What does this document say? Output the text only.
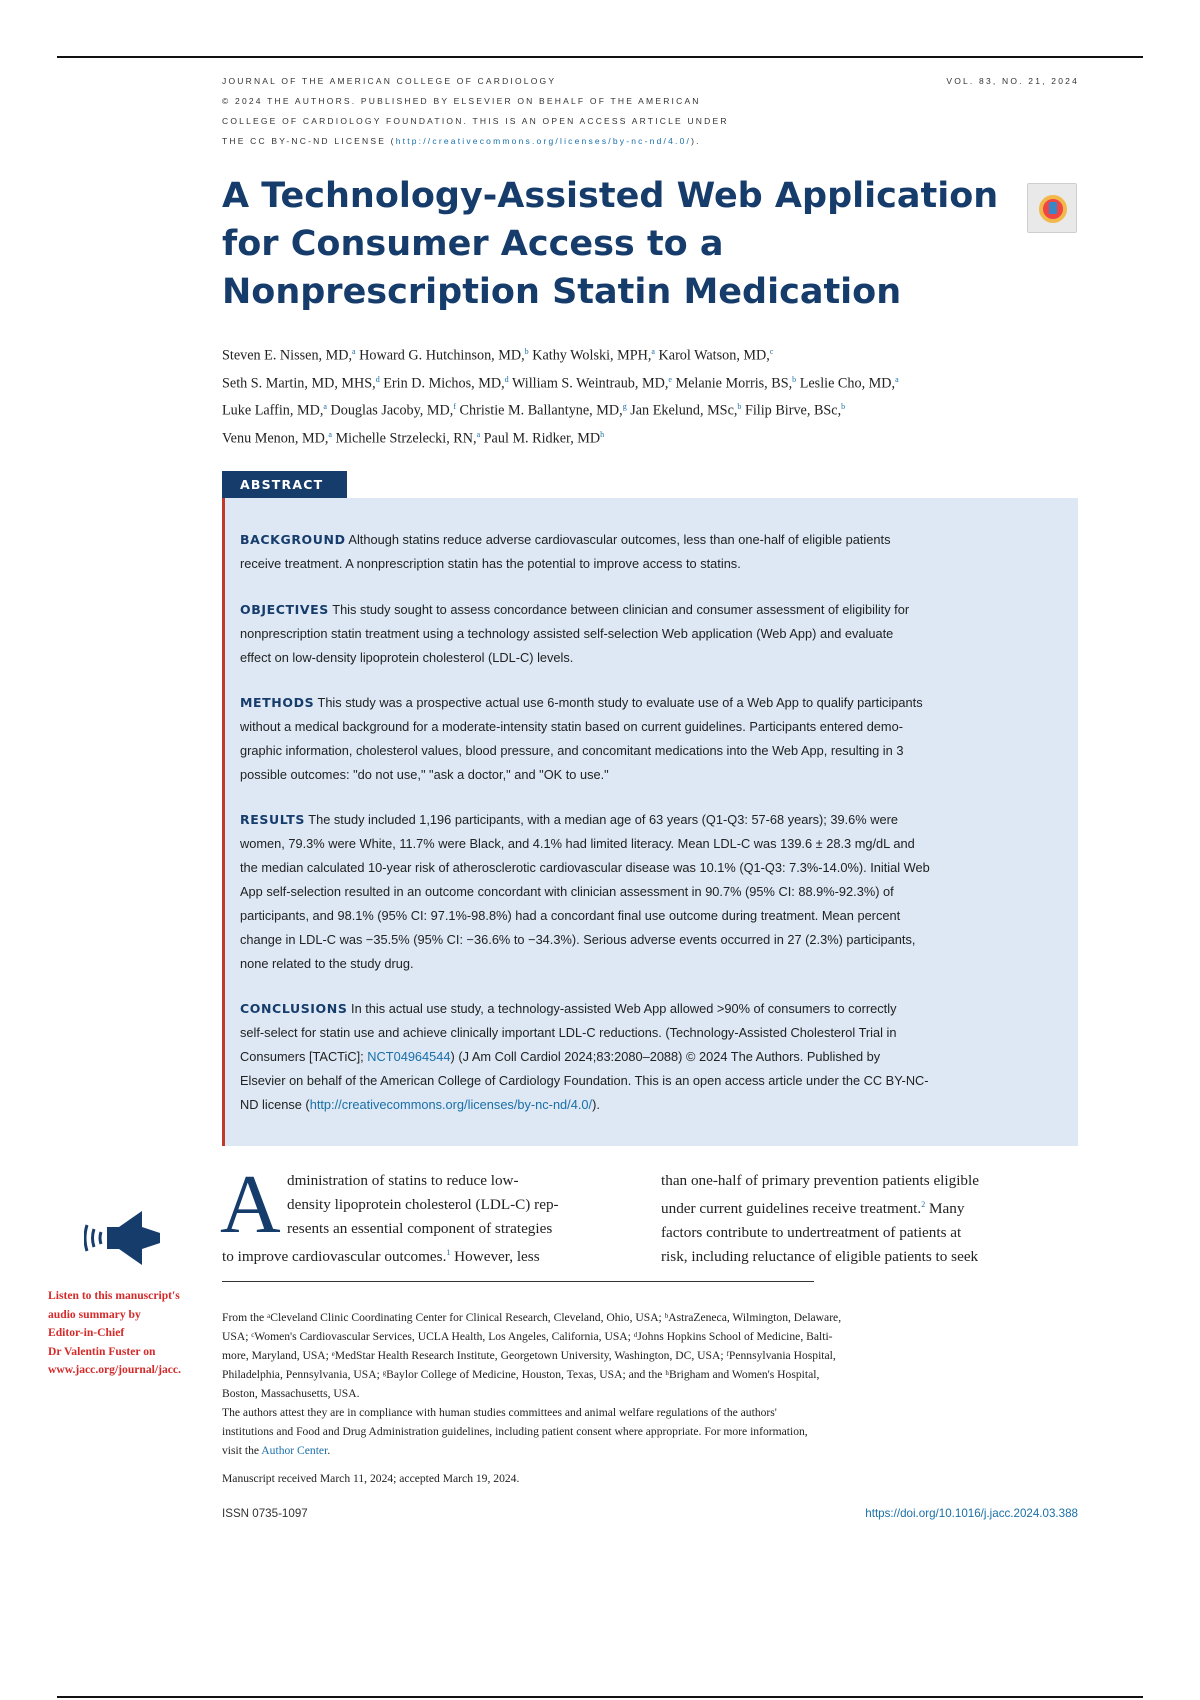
JOURNAL OF THE AMERICAN COLLEGE OF CARDIOLOGY
© 2024 THE AUTHORS. PUBLISHED BY ELSEVIER ON BEHALF OF THE AMERICAN
COLLEGE OF CARDIOLOGY FOUNDATION. THIS IS AN OPEN ACCESS ARTICLE UNDER
THE CC BY-NC-ND LICENSE (http://creativecommons.org/licenses/by-nc-nd/4.0/).
VOL. 83, NO. 21, 2024
A Technology-Assisted Web Application
for Consumer Access to a
Nonprescription Statin Medication
Steven E. Nissen, MD,$^a$ Howard G. Hutchinson, MD,$^b$ Kathy Wolski, MPH,$^a$ Karol Watson, MD,$^c$
Seth S. Martin, MD, MHS,$^d$ Erin D. Michos, MD,$^d$ William S. Weintraub, MD,$^e$ Melanie Morris, BS,$^b$ Leslie Cho, MD,$^a$
Luke Laffin, MD,$^a$ Douglas Jacoby, MD,$^f$ Christie M. Ballantyne, MD,$^g$ Jan Ekelund, MSc,$^b$ Filip Birve, BSc,$^b$
Venu Menon, MD,$^a$ Michelle Strzelecki, RN,$^a$ Paul M. Ridker, $MD^h$
ABSTRACT
BACKGROUND Although statins reduce adverse cardiovascular outcomes, less than one-half of eligible patients
receive treatment. A nonprescription statin has the potential to improve access to statins.
OBJECTIVES This study sought to assess concordance between clinician and consumer assessment of eligibility for
nonprescription statin treatment using a technology assisted self-selection Web application (Web App) and evaluate
effect on low-density lipoprotein cholesterol (LDL-C) levels.
METHODS This study was a prospective actual use 6-month study to evaluate use of a Web App to qualify participants
without a medical background for a moderate-intensity statin based on current guidelines. Participants entered demo-
graphic information, cholesterol values, blood pressure, and concomitant medications into the Web App, resulting in 3
possible outcomes: "do not use," "ask a doctor," and "OK to use."
RESULTS The study included 1,196 participants, with a median age of 63 years (Q1-Q3: 57-68 years); 39.6% were
women, 79.3% were White, 11.7% were Black, and 4.1% had limited literacy. Mean LDL-C was 139.6 ± 28.3 mg/dL and
the median calculated 10-year risk of atherosclerotic cardiovascular disease was 10.1% (Q1-Q3: 7.3%-14.0%). Initial Web
App self-selection resulted in an outcome concordant with clinician assessment in 90.7% (95% CI: 88.9%-92.3%) of
participants, and 98.1% (95% CI: 97.1%-98.8%) had a concordant final use outcome during treatment. Mean percent
change in LDL-C was −35.5% (95% CI: −36.6% to −34.3%). Serious adverse events occurred in 27 (2.3%) participants,
none related to the study drug.
CONCLUSIONS In this actual use study, a technology-assisted Web App allowed >90% of consumers to correctly
self-select for statin use and achieve clinically important LDL-C reductions. (Technology-Assisted Cholesterol Trial in
Consumers [TACTiC]; NCT04964544) (J Am Coll Cardiol 2024;83:2080–2088) © 2024 The Authors. Published by
Elsevier on behalf of the American College of Cardiology Foundation. This is an open access article under the CC BY-NC-
ND license (http://creativecommons.org/licenses/by-nc-nd/4.0/).
A dministration of statins to reduce low-
density lipoprotein cholesterol (LDL-C) rep-
resents an essential component of strategies
to improve cardiovascular outcomes.$^1$ However, less
than one-half of primary prevention patients eligible
under current guidelines receive treatment.$^2$ Many
factors contribute to undertreatment of patients at
risk, including reluctance of eligible patients to seek
Listen to this manuscript's
audio summary by
Editor-in-Chief
Dr Valentin Fuster on
www.jacc.org/journal/jacc.
From the ᵃCleveland Clinic Coordinating Center for Clinical Research, Cleveland, Ohio, USA; ᵇAstraZeneca, Wilmington, Delaware,
USA; ᶜWomen's Cardiovascular Services, UCLA Health, Los Angeles, California, USA; ᵈJohns Hopkins School of Medicine, Balti-
more, Maryland, USA; ᵉMedStar Health Research Institute, Georgetown University, Washington, DC, USA; ᶠPennsylvania Hospital,
Philadelphia, Pennsylvania, USA; ᵍBaylor College of Medicine, Houston, Texas, USA; and the ʰBrigham and Women's Hospital,
Boston, Massachusetts, USA.
The authors attest they are in compliance with human studies committees and animal welfare regulations of the authors'
institutions and Food and Drug Administration guidelines, including patient consent where appropriate. For more information,
visit the Author Center.
Manuscript received March 11, 2024; accepted March 19, 2024.
ISSN 0735-1097	https://doi.org/10.1016/j.jacc.2024.03.388
